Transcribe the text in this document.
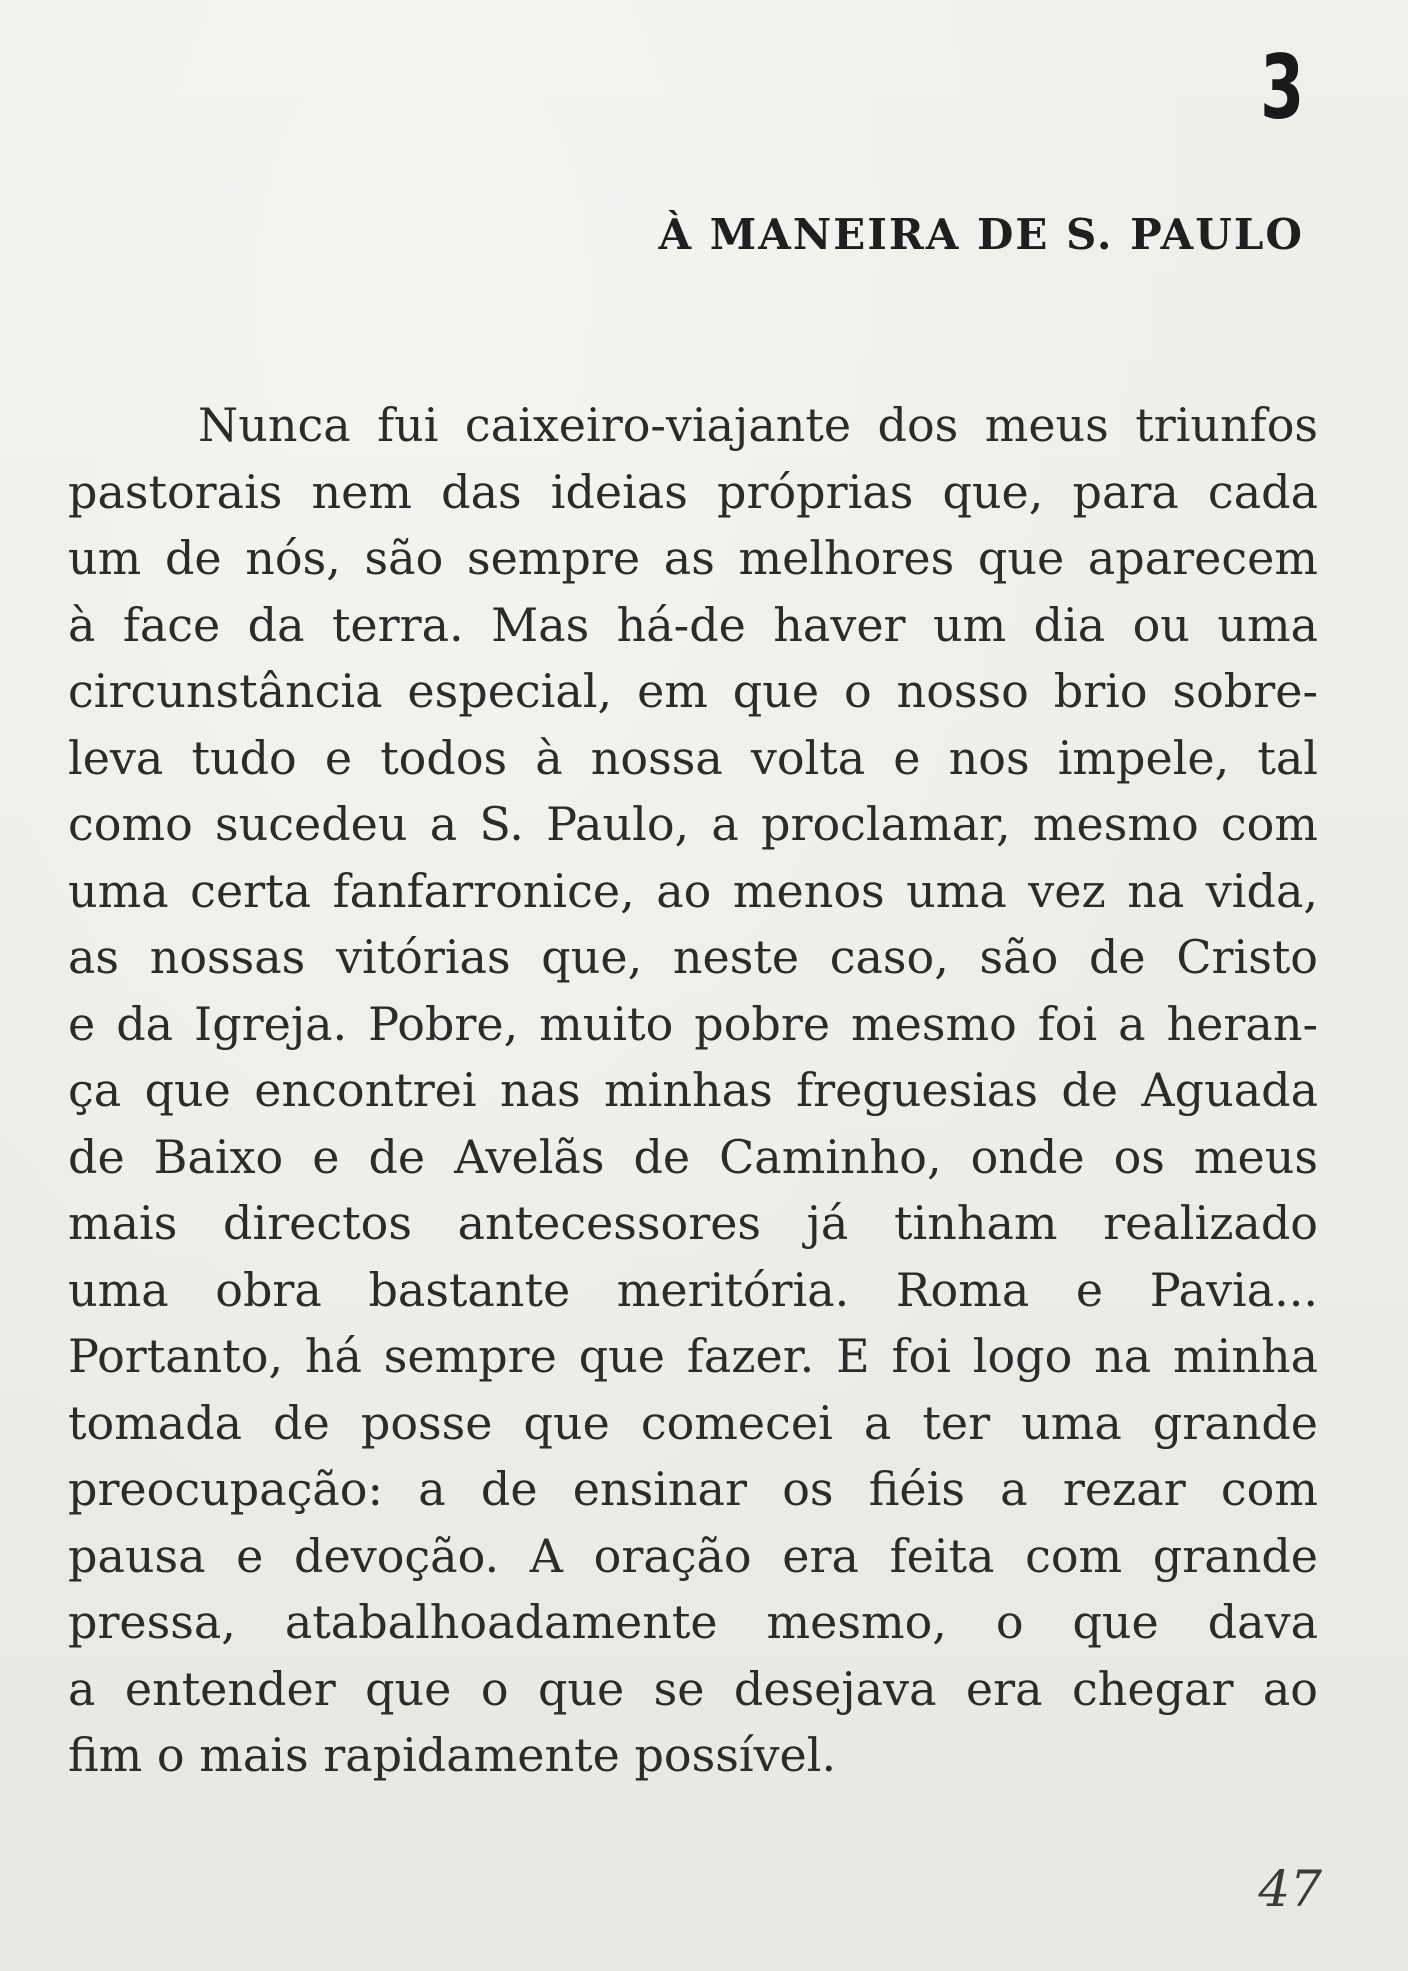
3
À MANEIRA DE S. PAULO
Nunca fui caixeiro-viajante dos meus triunfos
pastorais nem das ideias próprias que, para cada
um de nós, são sempre as melhores que aparecem
à face da terra. Mas há-de haver um dia ou uma
circunstância especial, em que o nosso brio sobre-
leva tudo e todos à nossa volta e nos impele, tal
como sucedeu a S. Paulo, a proclamar, mesmo com
uma certa fanfarronice, ao menos uma vez na vida,
as nossas vitórias que, neste caso, são de Cristo
e da Igreja. Pobre, muito pobre mesmo foi a heran-
ça que encontrei nas minhas freguesias de Aguada
de Baixo e de Avelãs de Caminho, onde os meus
mais directos antecessores já tinham realizado
uma obra bastante meritória. Roma e Pavia...
Portanto, há sempre que fazer. E foi logo na minha
tomada de posse que comecei a ter uma grande
preocupação: a de ensinar os fiéis a rezar com
pausa e devoção. A oração era feita com grande
pressa, atabalhoadamente mesmo, o que dava
a entender que o que se desejava era chegar ao
fim o mais rapidamente possível.
47
